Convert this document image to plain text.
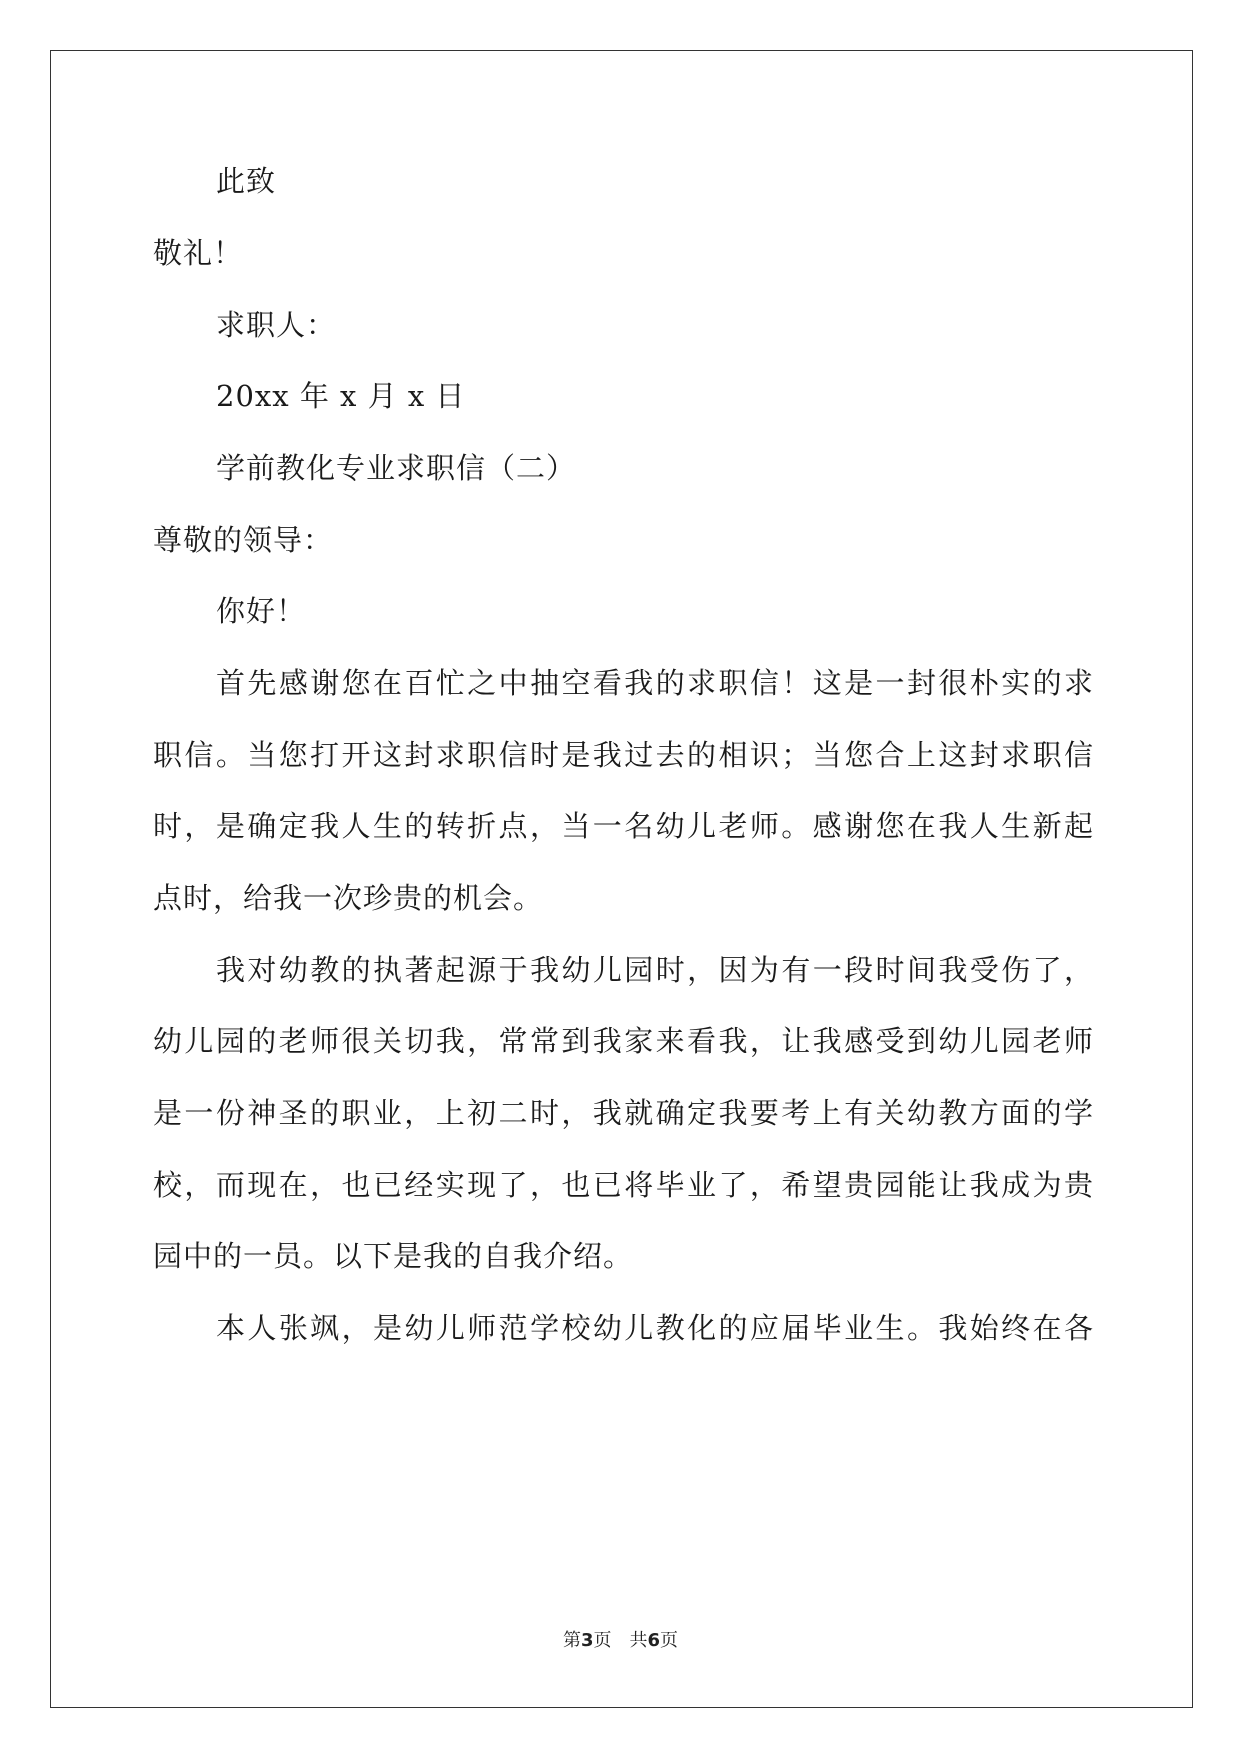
此致
敬礼！
求职人：
20xx 年 x 月 x 日
学前教化专业求职信（二）
尊敬的领导：
你好！
首先感谢您在百忙之中抽空看我的求职信！这是一封很朴实的求
职信。当您打开这封求职信时是我过去的相识；当您合上这封求职信
时，是确定我人生的转折点，当一名幼儿老师。感谢您在我人生新起
点时，给我一次珍贵的机会。
我对幼教的执著起源于我幼儿园时，因为有一段时间我受伤了，
幼儿园的老师很关切我，常常到我家来看我，让我感受到幼儿园老师
是一份神圣的职业，上初二时，我就确定我要考上有关幼教方面的学
校，而现在，也已经实现了，也已将毕业了，希望贵园能让我成为贵
园中的一员。以下是我的自我介绍。
本人张飒，是幼儿师范学校幼儿教化的应届毕业生。我始终在各
第3页 共6页
